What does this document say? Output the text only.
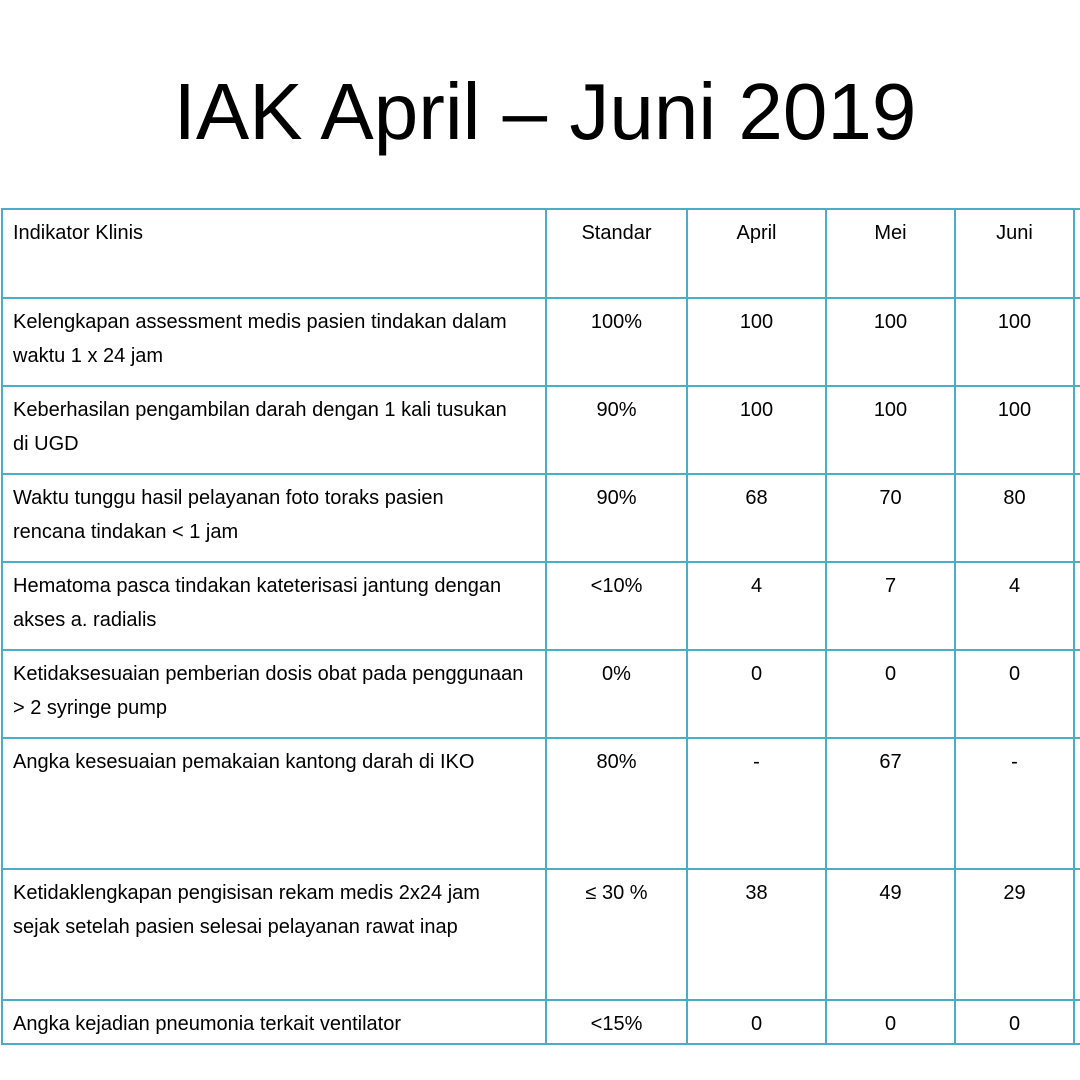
IAK April – Juni 2019
Indikator Klinis	Standar	April	Mei	Juni	
Kelengkapan assessment medis pasien tindakan dalam
waktu 1 x 24 jam	100%	100	100	100	
Keberhasilan pengambilan darah dengan 1 kali tusukan
di UGD	90%	100	100	100	
Waktu tunggu hasil pelayanan foto toraks pasien
rencana tindakan < 1 jam	90%	68	70	80	
Hematoma pasca tindakan kateterisasi jantung dengan
akses a. radialis	<10%	4	7	4	
Ketidaksesuaian pemberian dosis obat pada penggunaan
> 2 syringe pump	0%	0	0	0	
Angka kesesuaian pemakaian kantong darah di IKO	80%	-	67	-	
Ketidaklengkapan pengisisan rekam medis 2x24 jam
sejak setelah pasien selesai pelayanan rawat inap	≤ 30 %	38	49	29	
Angka kejadian pneumonia terkait ventilator	<15%	0	0	0	
